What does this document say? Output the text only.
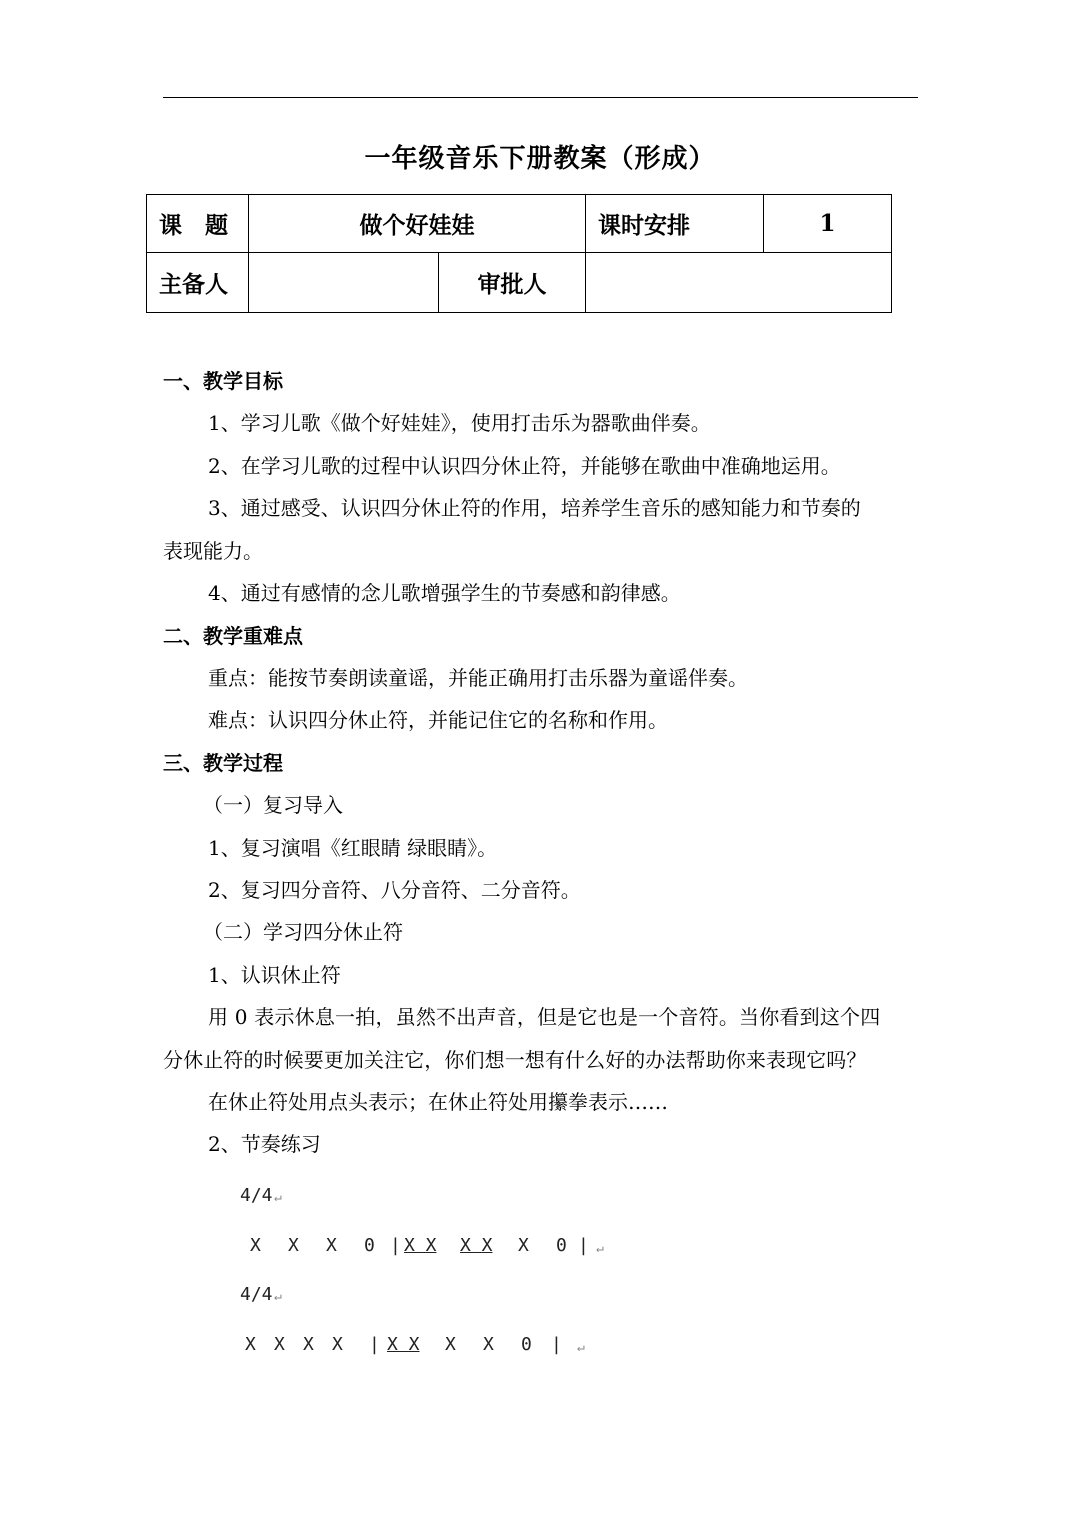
一年级音乐下册教案（形成）
课　题	做个好娃娃		课时安排	1
主备人		审批人		
一、教学目标
1、学习儿歌《做个好娃娃》，使用打击乐为器歌曲伴奏。
2、在学习儿歌的过程中认识四分休止符，并能够在歌曲中准确地运用。
3、通过感受、认识四分休止符的作用，培养学生音乐的感知能力和节奏的
表现能力。
4、通过有感情的念儿歌增强学生的节奏感和韵律感。
二、教学重难点
重点：能按节奏朗读童谣，并能正确用打击乐器为童谣伴奏。
难点：认识四分休止符，并能记住它的名称和作用。
三、教学过程
（一）复习导入
1、复习演唱《红眼睛 绿眼睛》。
2、复习四分音符、八分音符、二分音符。
（二）学习四分休止符
1、认识休止符
用 0 表示休息一拍，虽然不出声音，但是它也是一个音符。当你看到这个四
分休止符的时候要更加关注它，你们想一想有什么好的办法帮助你来表现它吗？
在休止符处用点头表示；在休止符处用攥拳表示……
2、节奏练习
4/4 ↵
X X X 0 | X X X X X 0 | ↵
4/4 ↵
X X X X | X X X X 0 | ↵
